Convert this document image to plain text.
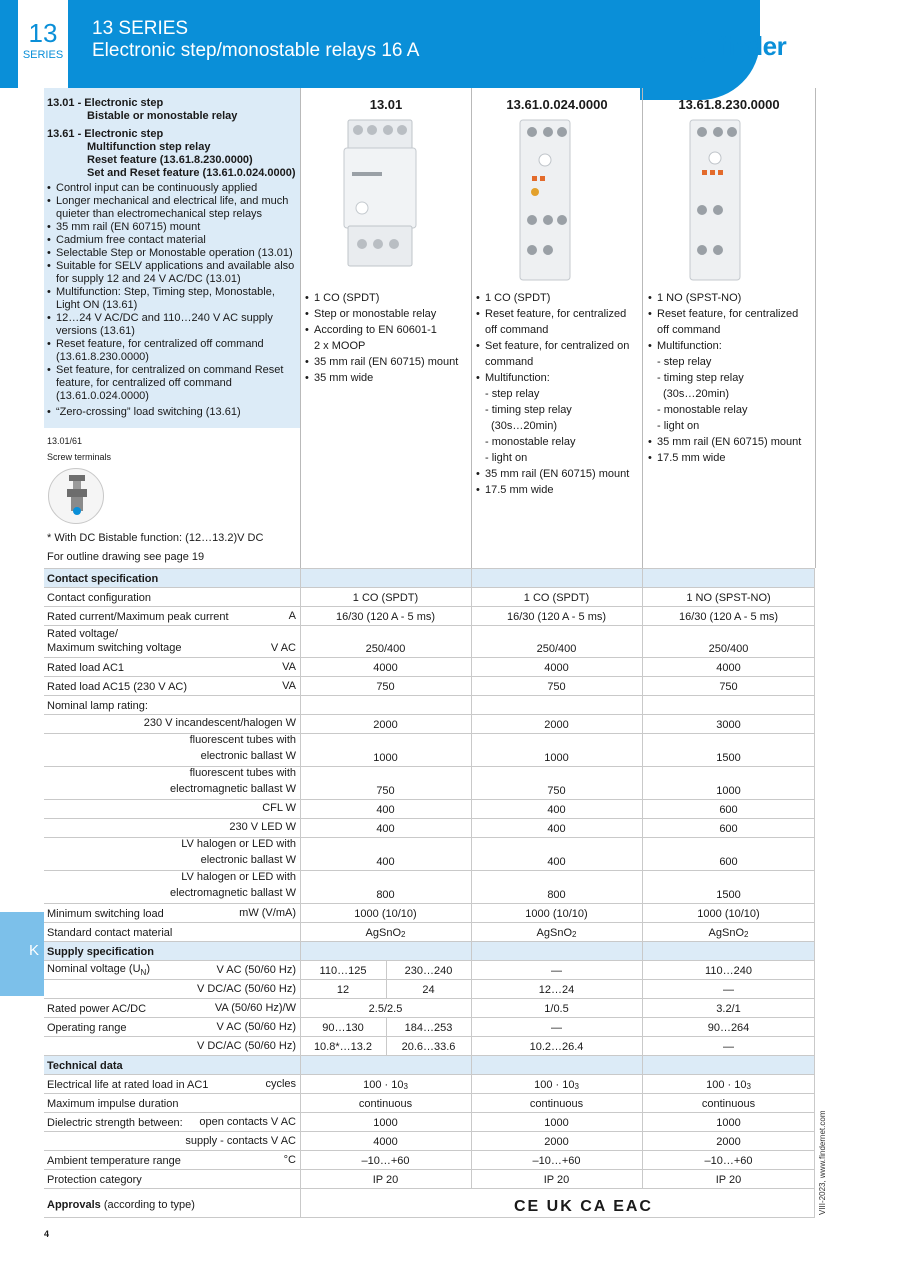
13
SERIES
13 SERIES
Electronic step/monostable relays 16 A	finder
13.01 - Electronic step
Bistable or monostable relay
13.61 - Electronic step
Multifunction step relay
Reset feature (13.61.8.230.0000)
Set and Reset feature (13.61.0.024.0000)
• Control input can be continuously applied
• Longer mechanical and electrical life, and much quieter than electromechanical step relays
• 35 mm rail (EN 60715) mount
• Cadmium free contact material
• Selectable Step or Monostable operation (13.01)
• Suitable for SELV applications and available also for supply 12 and 24 V AC/DC (13.01)
• Multifunction: Step, Timing step, Monostable, Light ON (13.61)
• 12…24 V AC/DC and 110…240 V AC supply versions (13.61)
• Reset feature, for centralized off command (13.61.8.230.0000)
• Set feature, for centralized on command Reset feature, for centralized off command (13.61.0.024.0000)
• “Zero-crossing” load switching (13.61)
13.01/61
Screw terminals
* With DC Bistable function: (12…13.2)V DC
For outline drawing see page 19
13.01	13.61.0.024.0000	13.61.8.230.0000
• 1 CO (SPDT)
• Step or monostable relay
• According to EN 60601-1
2 x MOOP
• 35 mm rail (EN 60715) mount
• 35 mm wide
• 1 CO (SPDT)
• Reset feature, for centralized
off command
• Set feature, for centralized on
command
• Multifunction:
- step relay
- timing step relay
(30s…20min)
- monostable relay
- light on
• 35 mm rail (EN 60715) mount
• 17.5 mm wide
• 1 NO (SPST-NO)
• Reset feature, for centralized
off command
• Multifunction:
- step relay
- timing step relay
(30s…20min)
- monostable relay
- light on
• 35 mm rail (EN 60715) mount
• 17.5 mm wide
K
Contact specification
Contact configuration	1 CO (SPDT)	1 CO (SPDT)	1 NO (SPST-NO)
Rated current/Maximum peak current	A	16/30 (120 A - 5 ms)	16/30 (120 A - 5 ms)	16/30 (120 A - 5 ms)
Rated voltage/
Maximum switching voltage	V AC	250/400	250/400	250/400
Rated load AC1	VA	4000	4000	4000
Rated load AC15 (230 V AC)	VA	750	750	750
Nominal lamp rating:
230 V incandescent/halogen W	2000	2000	3000
fluorescent tubes with
electronic ballast W	1000	1000	1500
fluorescent tubes with
electromagnetic ballast W	750	750	1000
CFL W	400	400	600
230 V LED W	400	400	600
LV halogen or LED with
electronic ballast W	400	400	600
LV halogen or LED with
electromagnetic ballast W	800	800	1500
Minimum switching load	mW (V/mA)	1000 (10/10)	1000 (10/10)	1000 (10/10)
Standard contact material	AgSnO 2	AgSnO 2	AgSnO 2
Supply specification
Nominal voltage $(U_N)$	V AC (50/60 Hz)	110…125	230…240	—	110…240
V DC/AC (50/60 Hz)	12	24	12…24	—
Rated power AC/DC	VA (50/60 Hz)/W	2.5/2.5	1/0.5	3.2/1
Operating range	V AC (50/60 Hz)	90…130	184…253	—	90…264
V DC/AC (50/60 Hz)	10.8*…13.2	20.6…33.6	10.2…26.4	—
Technical data
Electrical life at rated load in AC1	cycles	100 · 10 3	100 · 10 3	100 · 10 3
Maximum impulse duration	continuous	continuous	continuous
Dielectric strength between: open contacts V AC	1000	1000	1000
supply - contacts V AC	4000	2000	2000
Ambient temperature range	°C	–10…+60	–10…+60	–10…+60
Protection category	IP 20	IP 20	IP 20
Approvals (according to type)	CE UK CA EAC	VIII-2023, www.findernet.com
4
